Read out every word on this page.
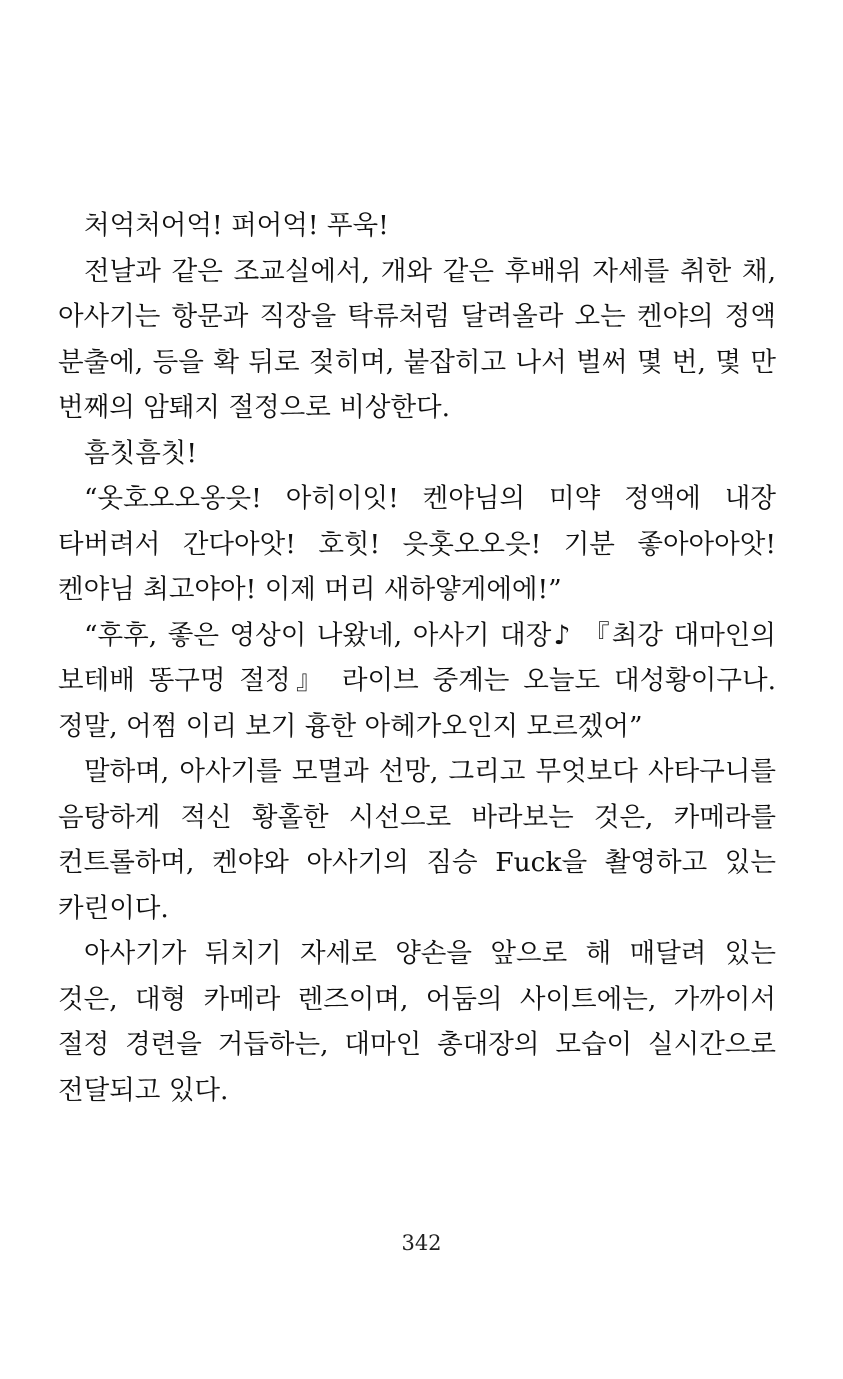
처억처어억! 퍼어억! 푸욱!
전날과 같은 조교실에서, 개와 같은 후배위 자세를 취한 채,
아사기는 항문과 직장을 탁류처럼 달려올라 오는 켄야의 정액
분출에, 등을 확 뒤로 젖히며, 붙잡히고 나서 벌써 몇 번, 몇 만
번째의 암퇘지 절정으로 비상한다.
흠칫흠칫!
“옷호오오옹읏! 아히이잇! 켄야님의 미약 정액에 내장
타버려서 간다아앗! 호힛! 읏홋오오읏! 기분 좋아아아앗!
켄야님 최고야아! 이제 머리 새하얗게에에!”
“후후, 좋은 영상이 나왔네, 아사기 대장♪ 『최강 대마인의
보테배 똥구멍 절정』 라이브 중계는 오늘도 대성황이구나.
정말, 어쩜 이리 보기 흉한 아헤가오인지 모르겠어”
말하며, 아사기를 모멸과 선망, 그리고 무엇보다 사타구니를
음탕하게 적신 황홀한 시선으로 바라보는 것은, 카메라를
컨트롤하며, 켄야와 아사기의 짐승 Fuck을 촬영하고 있는
카린이다.
아사기가 뒤치기 자세로 양손을 앞으로 해 매달려 있는
것은, 대형 카메라 렌즈이며, 어둠의 사이트에는, 가까이서
절정 경련을 거듭하는, 대마인 총대장의 모습이 실시간으로
전달되고 있다.
342
